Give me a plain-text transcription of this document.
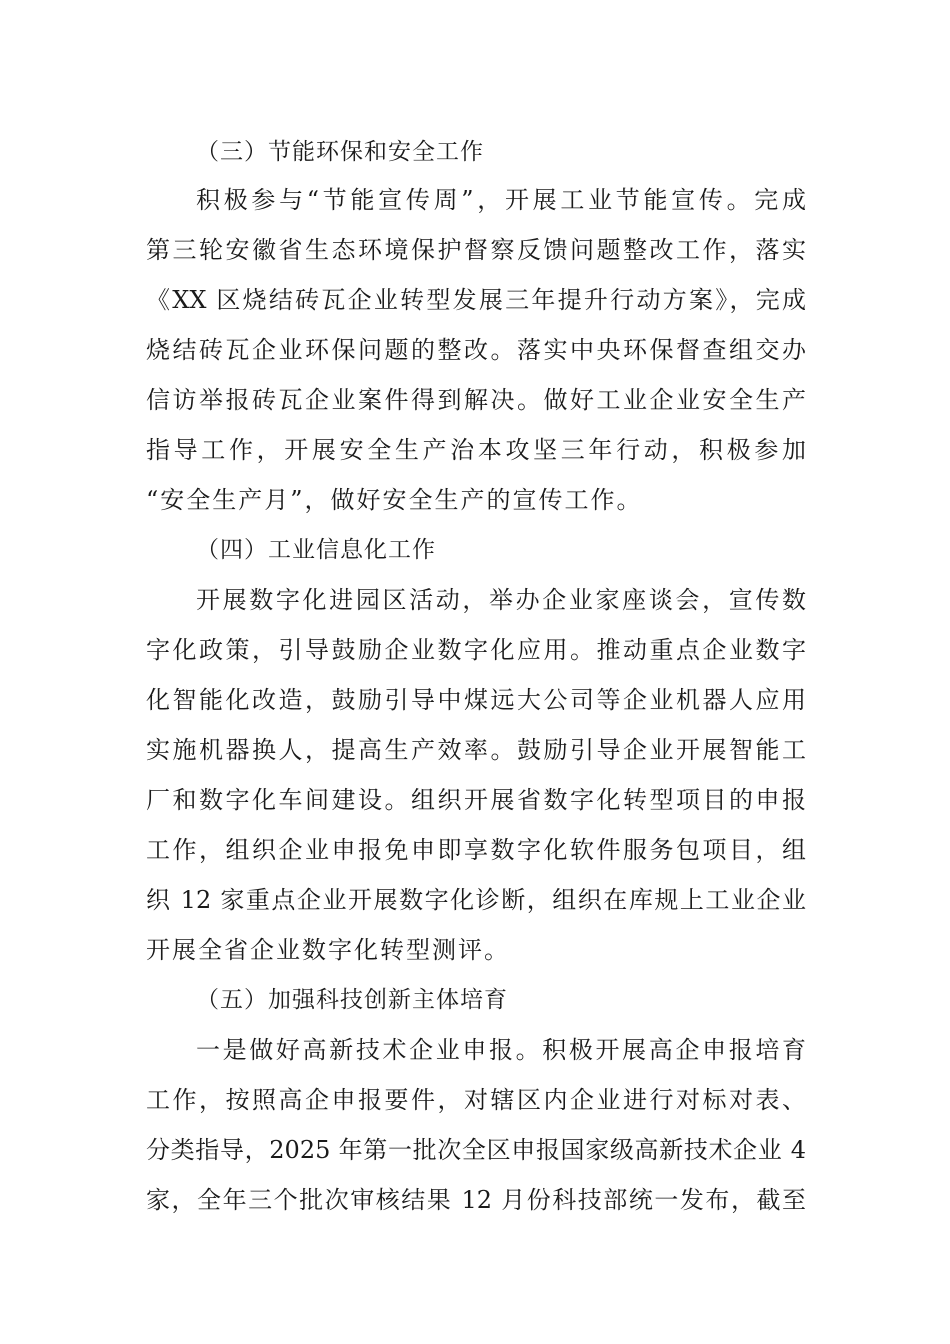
（三）节能环保和安全工作
积极参与“节能宣传周”，开展工业节能宣传。完成
第三轮安徽省生态环境保护督察反馈问题整改工作，落实
《XX 区烧结砖瓦企业转型发展三年提升行动方案》，完成
烧结砖瓦企业环保问题的整改。落实中央环保督查组交办
信访举报砖瓦企业案件得到解决。做好工业企业安全生产
指导工作，开展安全生产治本攻坚三年行动，积极参加
“安全生产月”，做好安全生产的宣传工作。
（四）工业信息化工作
开展数字化进园区活动，举办企业家座谈会，宣传数
字化政策，引导鼓励企业数字化应用。推动重点企业数字
化智能化改造，鼓励引导中煤远大公司等企业机器人应用
实施机器换人，提高生产效率。鼓励引导企业开展智能工
厂和数字化车间建设。组织开展省数字化转型项目的申报
工作，组织企业申报免申即享数字化软件服务包项目，组
织 12 家重点企业开展数字化诊断，组织在库规上工业企业
开展全省企业数字化转型测评。
（五）加强科技创新主体培育
一是做好高新技术企业申报。积极开展高企申报培育
工作，按照高企申报要件，对辖区内企业进行对标对表、
分类指导，2025 年第一批次全区申报国家级高新技术企业 4
家，全年三个批次审核结果 12 月份科技部统一发布，截至
